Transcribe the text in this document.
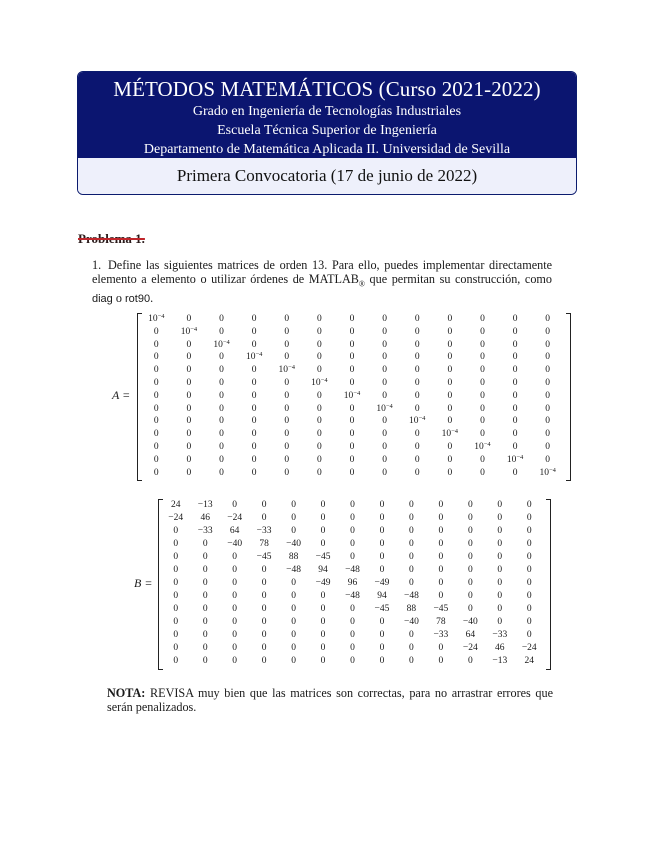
MÉTODOS MATEMÁTICOS (Curso 2021-2022)
Grado en Ingeniería de Tecnologías Industriales
Escuela Técnica Superior de Ingeniería
Departamento de Matemática Aplicada II. Universidad de Sevilla
Primera Convocatoria (17 de junio de 2022)
Problema 1.
1. Define las siguientes matrices de orden 13. Para ello, puedes implementar directamente elemento a elemento o utilizar órdenes de $MATLAB_®$ que permitan su construcción, como diag o rot90.
A =
$10^{-4}$	0	0	0	0	0	0	0	0	0	0	0	0
0	$10^{-4}$	0	0	0	0	0	0	0	0	0	0	0
0	0	$10^{-4}$	0	0	0	0	0	0	0	0	0	0
0	0	0	$10^{-4}$	0	0	0	0	0	0	0	0	0
0	0	0	0	$10^{-4}$	0	0	0	0	0	0	0	0
0	0	0	0	0	$10^{-4}$	0	0	0	0	0	0	0
0	0	0	0	0	0	$10^{-4}$	0	0	0	0	0	0
0	0	0	0	0	0	0	$10^{-4}$	0	0	0	0	0
0	0	0	0	0	0	0	0	$10^{-4}$	0	0	0	0
0	0	0	0	0	0	0	0	0	$10^{-4}$	0	0	0
0	0	0	0	0	0	0	0	0	0	$10^{-4}$	0	0
0	0	0	0	0	0	0	0	0	0	0	$10^{-4}$	0
0	0	0	0	0	0	0	0	0	0	0	0	$10^{-4}$
B =
24	−13	0	0	0	0	0	0	0	0	0	0	0
−24	46	−24	0	0	0	0	0	0	0	0	0	0
0	−33	64	−33	0	0	0	0	0	0	0	0	0
0	0	−40	78	−40	0	0	0	0	0	0	0	0
0	0	0	−45	88	−45	0	0	0	0	0	0	0
0	0	0	0	−48	94	−48	0	0	0	0	0	0
0	0	0	0	0	−49	96	−49	0	0	0	0	0
0	0	0	0	0	0	−48	94	−48	0	0	0	0
0	0	0	0	0	0	0	−45	88	−45	0	0	0
0	0	0	0	0	0	0	0	−40	78	−40	0	0
0	0	0	0	0	0	0	0	0	−33	64	−33	0
0	0	0	0	0	0	0	0	0	0	−24	46	−24
0	0	0	0	0	0	0	0	0	0	0	−13	24
NOTA: REVISA muy bien que las matrices son correctas, para no arrastrar errores que serán penalizados.
